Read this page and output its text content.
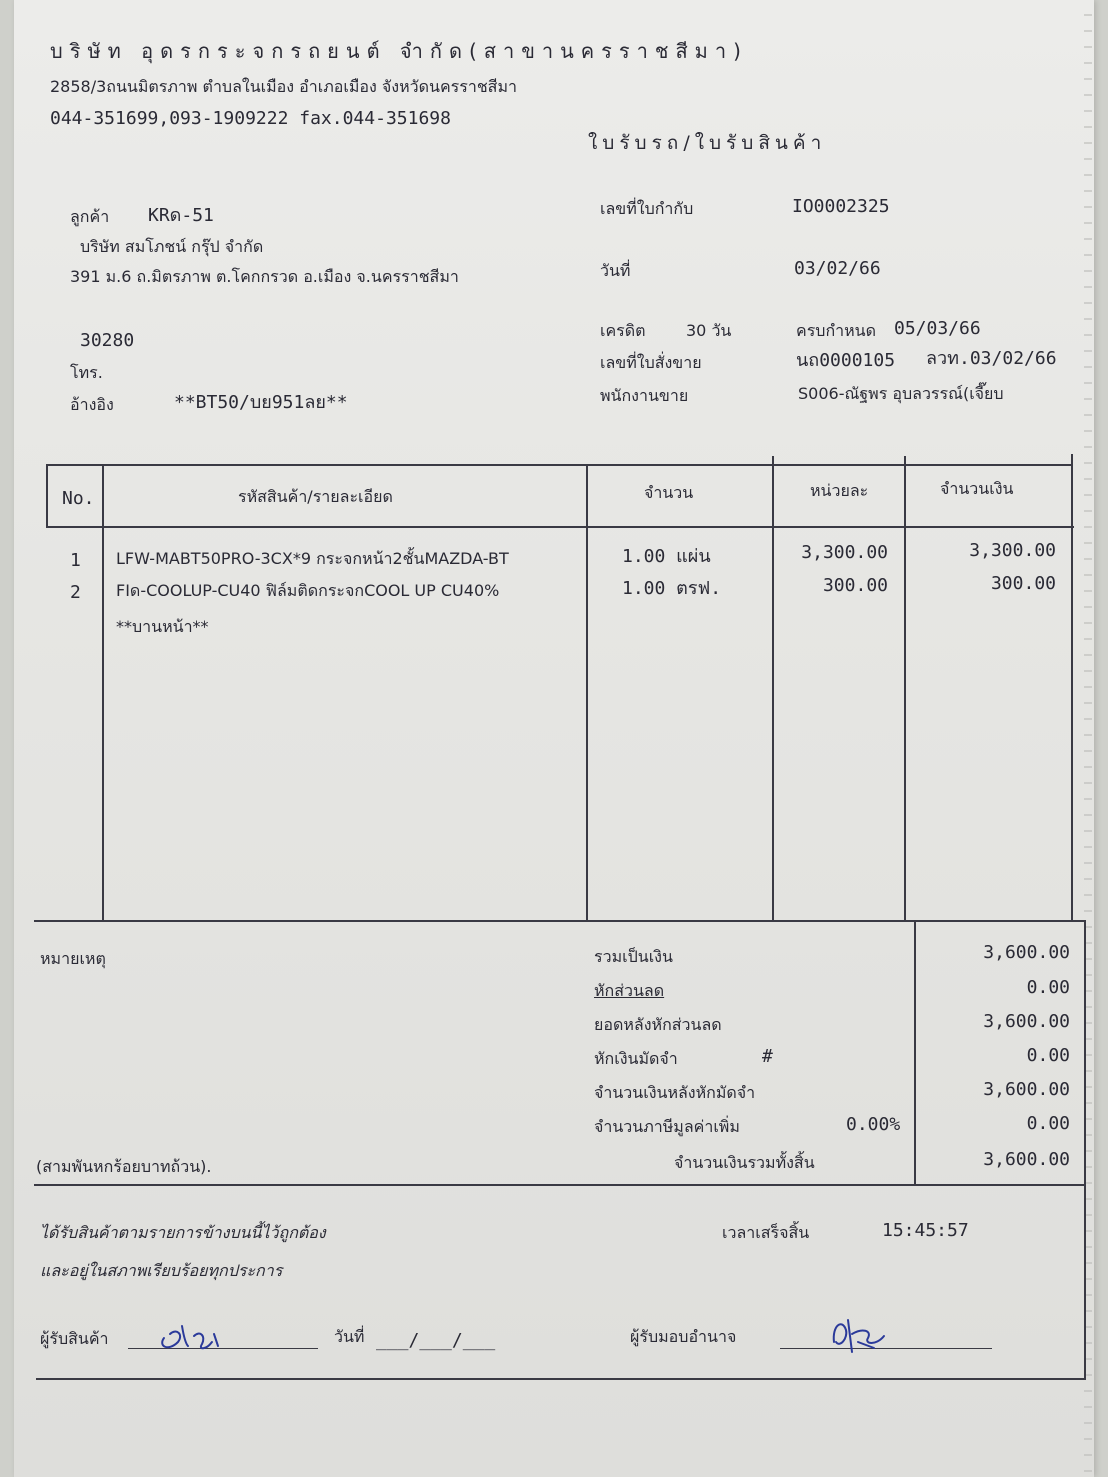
บริษัท อุดรกระจกรถยนต์ จำกัด(สาขานครราชสีมา)
2858/3ถนนมิตรภาพ ตำบลในเมือง อำเภอเมือง จังหวัดนครราชสีมา
044-351699,093-1909222 fax.044-351698
ใบรับรถ/ใบรับสินค้า
ลูกค้า KRด-51
บริษัท สมโภชน์ กรุ๊ป จำกัด
391 ม.6 ถ.มิตรภาพ ต.โคกกรวด อ.เมือง จ.นครราชสีมา
30280
โทร.
อ้างอิง	**BT50/บย951ลย**
เลขที่ใบกำกับ	IO0002325
วันที่	03/02/66
เครดิต	30 วัน	ครบกำหนด 05/03/66
เลขที่ใบสั่งขาย	นถ0000105 ลวท.03/02/66
พนักงานขาย	S006-ณัฐพร อุบลวรรณ์(เจี๊ยบ
No.	รหัสสินค้า/รายละเอียด	จำนวน	หน่วยละ	จำนวนเงิน
1 LFW-MABT50PRO-3CX*9 กระจกหน้า2ชั้นMAZDA-BT	1.00 แผ่น	3,300.00	3,300.00
2 FIด-COOLUP-CU40 ฟิล์มติดกระจกCOOL UP CU40%	1.00 ตรฟ.	300.00	300.00
**บานหน้า**
หมายเหตุ
(สามพันหกร้อยบาทถ้วน).
รวมเป็นเงิน	3,600.00
หักส่วนลด	0.00
ยอดหลังหักส่วนลด	3,600.00
หักเงินมัดจำ	#	0.00
จำนวนเงินหลังหักมัดจำ	3,600.00
จำนวนภาษีมูลค่าเพิ่ม	0.00%	0.00
จำนวนเงินรวมทั้งสิ้น	3,600.00
ได้รับสินค้าตามรายการข้างบนนี้ไว้ถูกต้อง
และอยู่ในสภาพเรียบร้อยทุกประการ
เวลาเสร็จสิ้น	15:45:57
ผู้รับสินค้า	วันที่ ___/___/___	ผู้รับมอบอำนาจ
